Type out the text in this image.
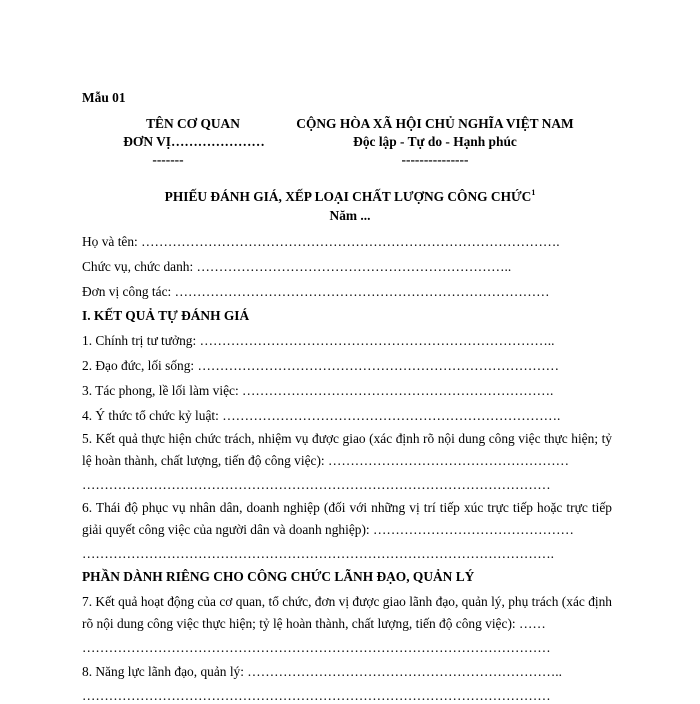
Mẫu 01
TÊN CƠ QUAN
ĐƠN VỊ…………………
-------
CỘNG HÒA XÃ HỘI CHỦ NGHĨA VIỆT NAM
Độc lập - Tự do - Hạnh phúc
---------------
PHIẾU ĐÁNH GIÁ, XẾP LOẠI CHẤT LƯỢNG CÔNG CHỨC$^1$
Năm ...
Họ và tên: ………………………………………………………………………………….
Chức vụ, chức danh: ……………………………………………………………..
Đơn vị công tác: …………………………………………………………………………
I. KẾT QUẢ TỰ ĐÁNH GIÁ
1. Chính trị tư tưởng: ……………………………………………………………………..
2. Đạo đức, lối sống: ………………………………………………………………………
3. Tác phong, lề lối làm việc: …………………………………………………………….
4. Ý thức tổ chức kỷ luật: ………………………………………………………………….
5. Kết quả thực hiện chức trách, nhiệm vụ được giao (xác định rõ nội dung công việc thực hiện; tỷ lệ hoàn thành, chất lượng, tiến độ công việc): ………………………………………………
……………………………………………………………………………………………
6. Thái độ phục vụ nhân dân, doanh nghiệp (đối với những vị trí tiếp xúc trực tiếp hoặc trực tiếp giải quyết công việc của người dân và doanh nghiệp): ………………………………………
…………………………………………………………………………………………….
PHẦN DÀNH RIÊNG CHO CÔNG CHỨC LÃNH ĐẠO, QUẢN LÝ
7. Kết quả hoạt động của cơ quan, tổ chức, đơn vị được giao lãnh đạo, quản lý, phụ trách (xác định rõ nội dung công việc thực hiện; tỷ lệ hoàn thành, chất lượng, tiến độ công việc): ……
……………………………………………………………………………………………
8. Năng lực lãnh đạo, quản lý: ……………………………………………………………..
……………………………………………………………………………………………
